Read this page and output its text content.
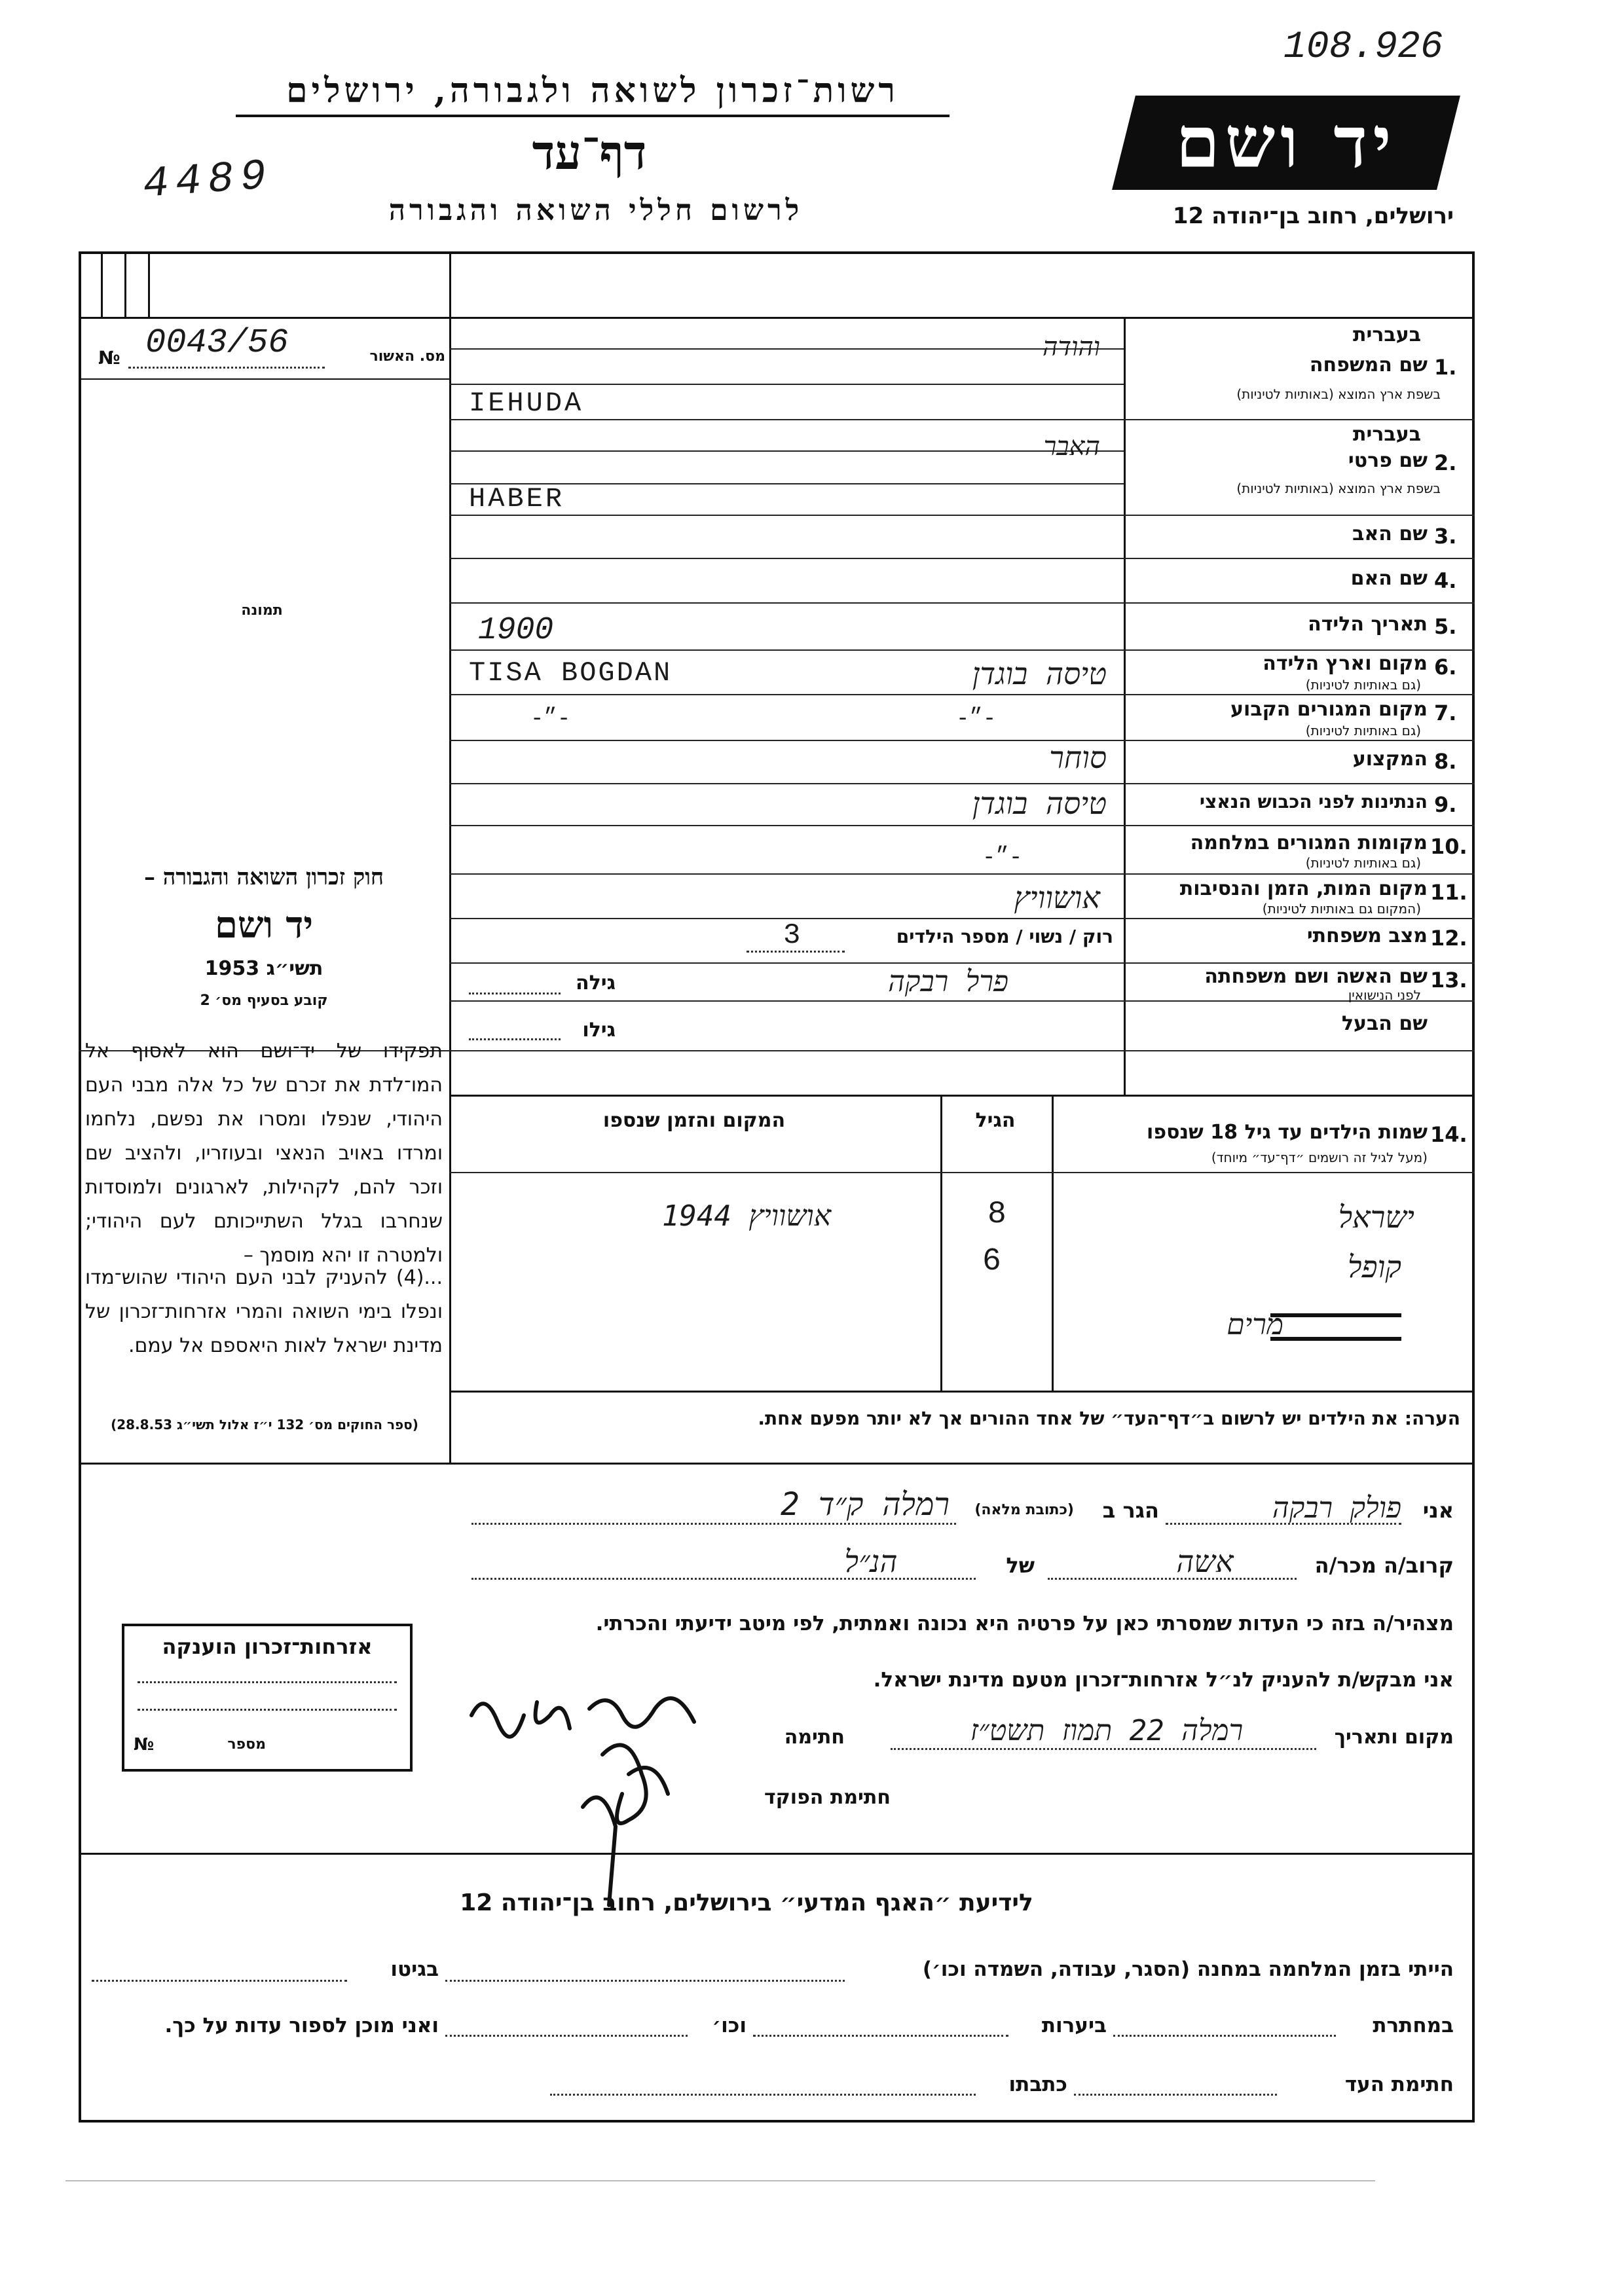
108.926
רשות־זכרון לשואה ולגבורה, ירושלים
דף־עד
4489
לרשום חללי השואה והגבורה
יד ושם
ירושלים, רחוב בן־יהודה 12
מס. האשור
0043/56
№
תמונה
בעברית
1.
שם המשפחה
בשפת ארץ המוצא (באותיות לטיניות)
והודה
IEHUDA
בעברית
2.
שם פרטי
בשפת ארץ המוצא (באותיות לטיניות)
האבר
HABER
3.
שם האב
4.
שם האם
5.
תאריך הלידה
1900
6.
מקום וארץ הלידה
(גם באותיות לטיניות)
TISA BOGDAN	טיסה בוגדן
7.
מקום המגורים הקבוע
(גם באותיות לטיניות)
-״-	-״-
8.
המקצוע
סוחר
9.
הנתינות לפני הכבוש הנאצי
טיסה בוגדן
10.
מקומות המגורים במלחמה
(גם באותיות לטיניות)
-״-
11.
מקום המות, הזמן והנסיבות
(המקום גם באותיות לטיניות)
אושוויץ
12.
מצב משפחתי
רוק / נשוי / מספר הילדים
3
13.
שם האשה ושם משפחתה
לפני הנישואין
פרל רבקה
גילה
שם הבעל
גילו
חוק זכרון השואה והגבורה –
יד ושם
תשי״ג 1953
קובע בסעיף מס׳ 2
תפקידו של יד־ושם הוא לאסוף אל המו־לדת את זכרם של כל אלה מבני העם היהודי, שנפלו ומסרו את נפשם, נלחמו ומרדו באויב הנאצי ובעוזריו, ולהציב שם וזכר להם, לקהילות, לארגונים ולמוסדות שנחרבו בגלל השתייכותם לעם היהודי; ולמטרה זו יהא מוסמך –
...(4) להעניק לבני העם היהודי שהוש־מדו ונפלו בימי השואה והמרי אזרחות־זכרון של מדינת ישראל לאות היאספם אל עמם.
(ספר החוקים מס׳ 132 י״ז אלול תשי״ג 28.8.53)
14.
שמות הילדים עד גיל 18 שנספו
(מעל לגיל זה רושמים ״דף־עד״ מיוחד)
הגיל
המקום והזמן שנספו
ישראל
8
אושוויץ 1944
קופל
6
מרים
הערה: את הילדים יש לרשום ב״דף־העד״ של אחד ההורים אך לא יותר מפעם אחת.
אני
פולק רבקה
הגר ב
(כתובת מלאה)
רמלה ק״ד 2
קרוב/ה מכר/ה
אשה
של
הנ״ל
מצהיר/ה בזה כי העדות שמסרתי כאן על פרטיה היא נכונה ואמתית, לפי מיטב ידיעתי והכרתי.
אני מבקש/ת להעניק לנ״ל אזרחות־זכרון מטעם מדינת ישראל.
מקום ותאריך
רמלה 22 תמוז תשט״ז
חתימה
חתימת הפוקד
אזרחות־זכרון הוענקה
מספר
№
לידיעת ״האגף המדעי״ בירושלים, רחוב בן־יהודה 12
הייתי בזמן המלחמה במחנה (הסגר, עבודה, השמדה וכו׳)
בגיטו
במחתרת
ביערות
וכו׳
ואני מוכן לספור עדות על כך.
חתימת העד
כתבתו
